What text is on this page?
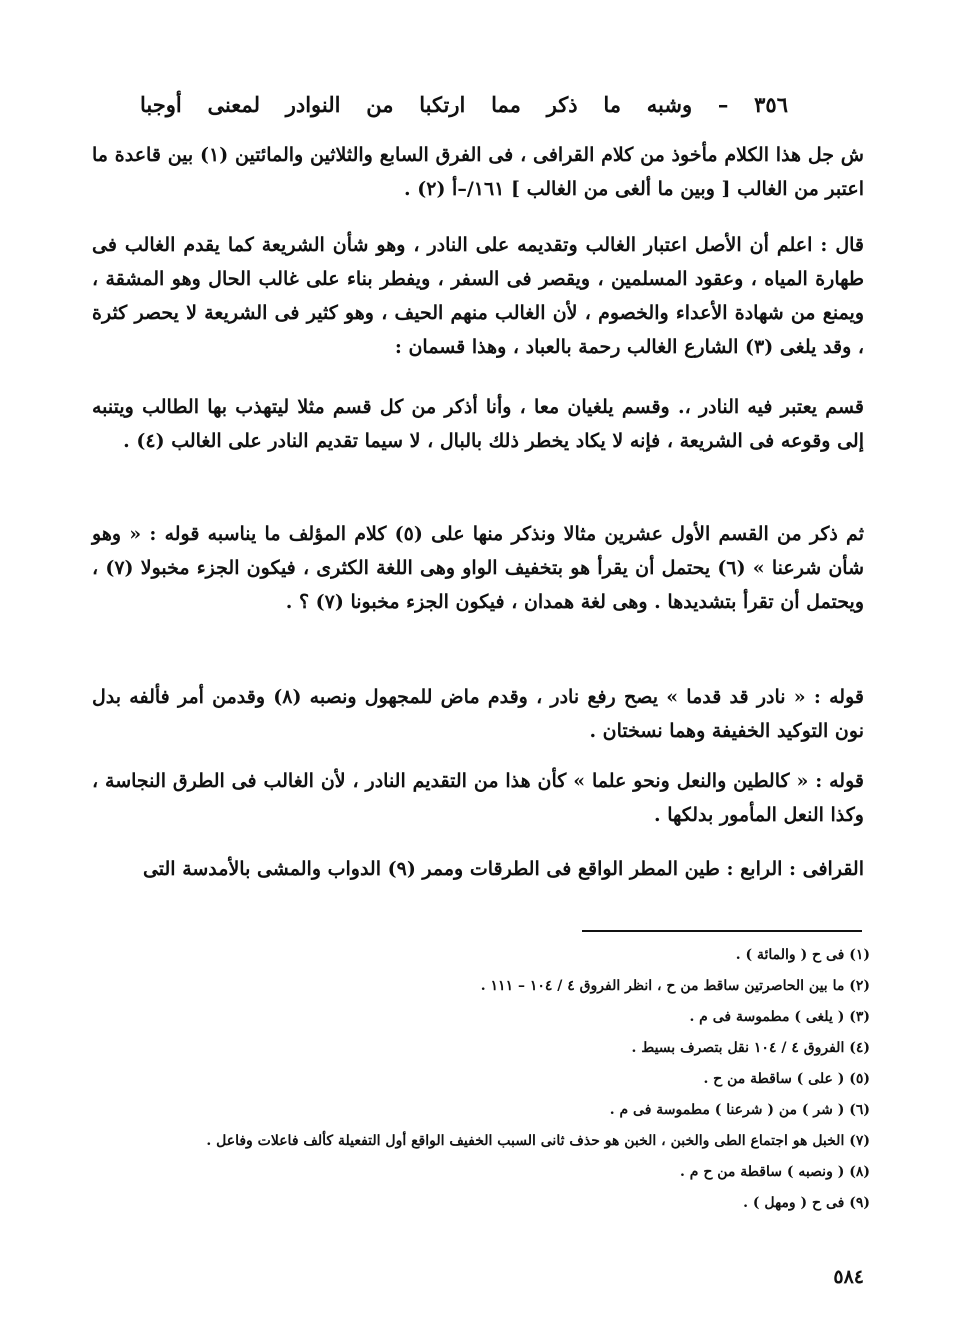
٣٥٦ – وشبه ما ذكر مما ارتكبا من النوادر لمعنى أوجبا

ش جل هذا الكلام مأخوذ من كلام القرافى ، فى الفرق السابع والثلاثين والمائتين (١) بين قاعدة ما اعتبر من الغالب [ وبين ما ألغى من الغالب ] ١٦١/–أ (٢) .

قال : اعلم أن الأصل اعتبار الغالب وتقديمه على النادر ، وهو شأن الشريعة كما يقدم الغالب فى طهارة المياه ، وعقود المسلمين ، ويقصر فى السفر ، ويفطر بناء على غالب الحال وهو المشقة ، ويمنع من شهادة الأعداء والخصوم ، لأن الغالب منهم الحيف ، وهو كثير فى الشريعة لا يحصر كثرة ، وقد يلغى (٣) الشارع الغالب رحمة بالعباد ، وهذا قسمان :

قسم يعتبر فيه النادر ،. وقسم يلغيان معا ، وأنا أذكر من كل قسم مثلا ليتهذب بها الطالب ويتنبه إلى وقوعه فى الشريعة ، فإنه لا يكاد يخطر ذلك بالبال ، لا سيما تقديم النادر على الغالب (٤) .

ثم ذكر من القسم الأول عشرين مثالا ونذكر منها على (٥) كلام المؤلف ما يناسبه قوله : « وهو شأن شرعنا » (٦) يحتمل أن يقرأ هو بتخفيف الواو وهى اللغة الكثرى ، فيكون الجزء مخبولا (٧) ، ويحتمل أن تقرأ بتشديدها . وهى لغة همدان ، فيكون الجزء مخبونا (٧) ؟ .

قوله : « نادر قد قدما » يصح رفع نادر ، وقدم ماض للمجهول ونصبه (٨) وقدمن أمر فألفه بدل نون التوكيد الخفيفة وهما نسختان .

قوله : « كالطين والنعل ونحو علما » كأن هذا من التقديم النادر ، لأن الغالب فى الطرق النجاسة ، وكذا النعل المأمور بدلكها .

القرافى : الرابع : طين المطر الواقع فى الطرقات وممر (٩) الدواب والمشى بالأمدسة التى

(١) فى ح ( والمائة ) .

(٢) ما بين الحاصرتين ساقط من ح ، انظر الفروق ٤ / ١٠٤ – ١١١ .

(٣) ( يلغى ) مطموسة فى م .

(٤) الفروق ٤ / ١٠٤ نقل بتصرف بسيط .

(٥) ( على ) ساقطة من ح .

(٦) ( شر ) من ( شرعنا ) مطموسة فى م .

(٧) الخبل هو اجتماع الطى والخبن ، الخبن هو حذف ثانى السبب الخفيف الواقع أول التفعيلة كألف فاعلات وفاعل .

(٨) ( ونصبه ) ساقطة من ح م .

(٩) فى ح ( ومهل ) .

٥٨٤
